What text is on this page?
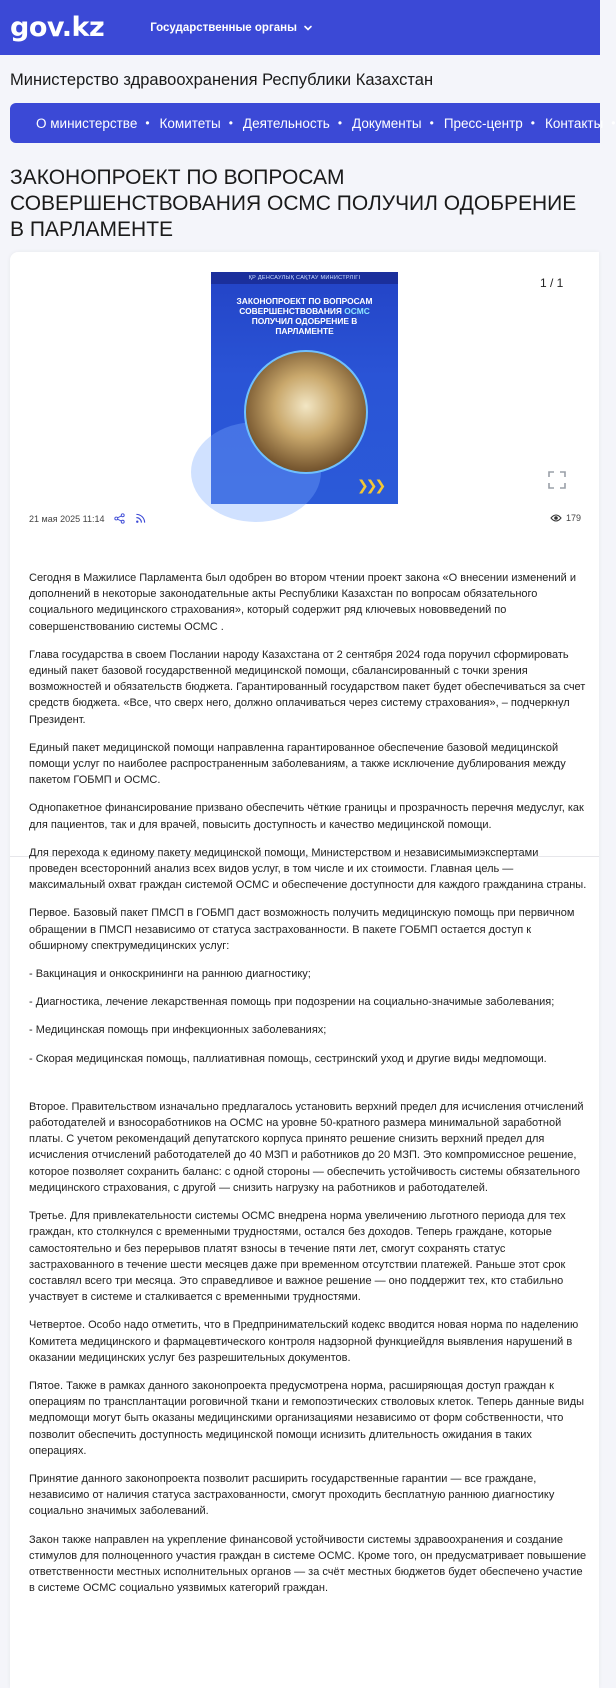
gov.kz	Государственные органы
Министерство здравоохранения Республики Казахстан
О министерстве • Комитеты • Деятельность • Документы • Пресс-центр • Контакты •
ЗАКОНОПРОЕКТ ПО ВОПРОСАМ СОВЕРШЕНСТВОВАНИЯ ОСМС ПОЛУЧИЛ ОДОБРЕНИЕ В ПАРЛАМЕНТЕ
ҚР ДЕНСАУЛЫҚ САҚТАУ МИНИСТРЛІГІ
ЗАКОНОПРОЕКТ ПО ВОПРОСАМ СОВЕРШЕНСТВОВАНИЯ ОСМС ПОЛУЧИЛ ОДОБРЕНИЕ В ПАРЛАМЕНТЕ
❯❯❯
1 / 1
21 мая 2025 11:14	179

Сегодня в Мажилисе Парламента был одобрен во втором чтении проект закона «О внесении изменений и дополнений в некоторые законодательные акты Республики Казахстан по вопросам обязательного социального медицинского страхования», который содержит ряд ключевых нововведений по совершенствованию системы ОСМС .

Глава государства в своем Послании народу Казахстана от 2 сентября 2024 года поручил сформировать единый пакет базовой государственной медицинской помощи, сбалансированный с точки зрения возможностей и обязательств бюджета. Гарантированный государством пакет будет обеспечиваться за счет средств бюджета. «Все, что сверх него, должно оплачиваться через систему страхования», – подчеркнул Президент.

Единый пакет медицинской помощи направленна гарантированное обеспечение базовой медицинской помощи услуг по наиболее распространенным заболеваниям, а также исключение дублирования между пакетом ГОБМП и ОСМС.

Однопакетное финансирование призвано обеспечить чёткие границы и прозрачность перечня медуслуг, как для пациентов, так и для врачей, повысить доступность и качество медицинской помощи.

Для перехода к единому пакету медицинской помощи, Министерством и независимымиэкспертами проведен всесторонний анализ всех видов услуг, в том числе и их стоимости. Главная цель — максимальный охват граждан системой ОСМС и обеспечение доступности для каждого гражданина страны.

Первое. Базовый пакет ПМСП в ГОБМП даст возможность получить медицинскую помощь при первичном обращении в ПМСП независимо от статуса застрахованности. В пакете ГОБМП остается доступ к обширному спектрумедицинских услуг:

- Вакцинация и онкоскрининги на раннюю диагностику;

- Диагностика, лечение лекарственная помощь при подозрении на социально-значимые заболевания;

- Медицинская помощь при инфекционных заболеваниях;

- Скорая медицинская помощь, паллиативная помощь, сестринский уход и другие виды медпомощи.

Второе. Правительством изначально предлагалось установить верхний предел для исчисления отчислений работодателей и взносоработников на ОСМС на уровне 50-кратного размера минимальной заработной платы. С учетом рекомендаций депутатского корпуса принято решение снизить верхний предел для исчисления отчислений работодателей до 40 МЗП и работников до 20 МЗП. Это компромиссное решение, которое позволяет сохранить баланс: с одной стороны — обеспечить устойчивость системы обязательного медицинского страхования, с другой — снизить нагрузку на работников и работодателей.

Третье. Для привлекательности системы ОСМС внедрена норма увеличению льготного периода для тех граждан, кто столкнулся с временными трудностями, остался без доходов. Теперь граждане, которые самостоятельно и без перерывов платят взносы в течение пяти лет, смогут сохранять статус застрахованного в течение шести месяцев даже при временном отсутствии платежей. Раньше этот срок составлял всего три месяца. Это справедливое и важное решение — оно поддержит тех, кто стабильно участвует в системе и сталкивается с временными трудностями.

Четвертое. Особо надо отметить, что в Предпринимательский кодекс вводится новая норма по наделению Комитета медицинского и фармацевтического контроля надзорной функциейдля выявления нарушений в оказании медицинских услуг без разрешительных документов.

Пятое. Также в рамках данного законопроекта предусмотрена норма, расширяющая доступ граждан к операциям по трансплантации роговичной ткани и гемопоэтических стволовых клеток. Теперь данные виды медпомощи могут быть оказаны медицинскими организациями независимо от форм собственности, что позволит обеспечить доступность медицинской помощи иснизить длительность ожидания в таких операциях.

Принятие данного законопроекта позволит расширить государственные гарантии — все граждане, независимо от наличия статуса застрахованности, смогут проходить бесплатную раннюю диагностику социально значимых заболеваний.

Закон также направлен на укрепление финансовой устойчивости системы здравоохранения и создание стимулов для полноценного участия граждан в системе ОСМС. Кроме того, он предусматривает повышение ответственности местных исполнительных органов — за счёт местных бюджетов будет обеспечено участие в системе ОСМС социально уязвимых категорий граждан.
